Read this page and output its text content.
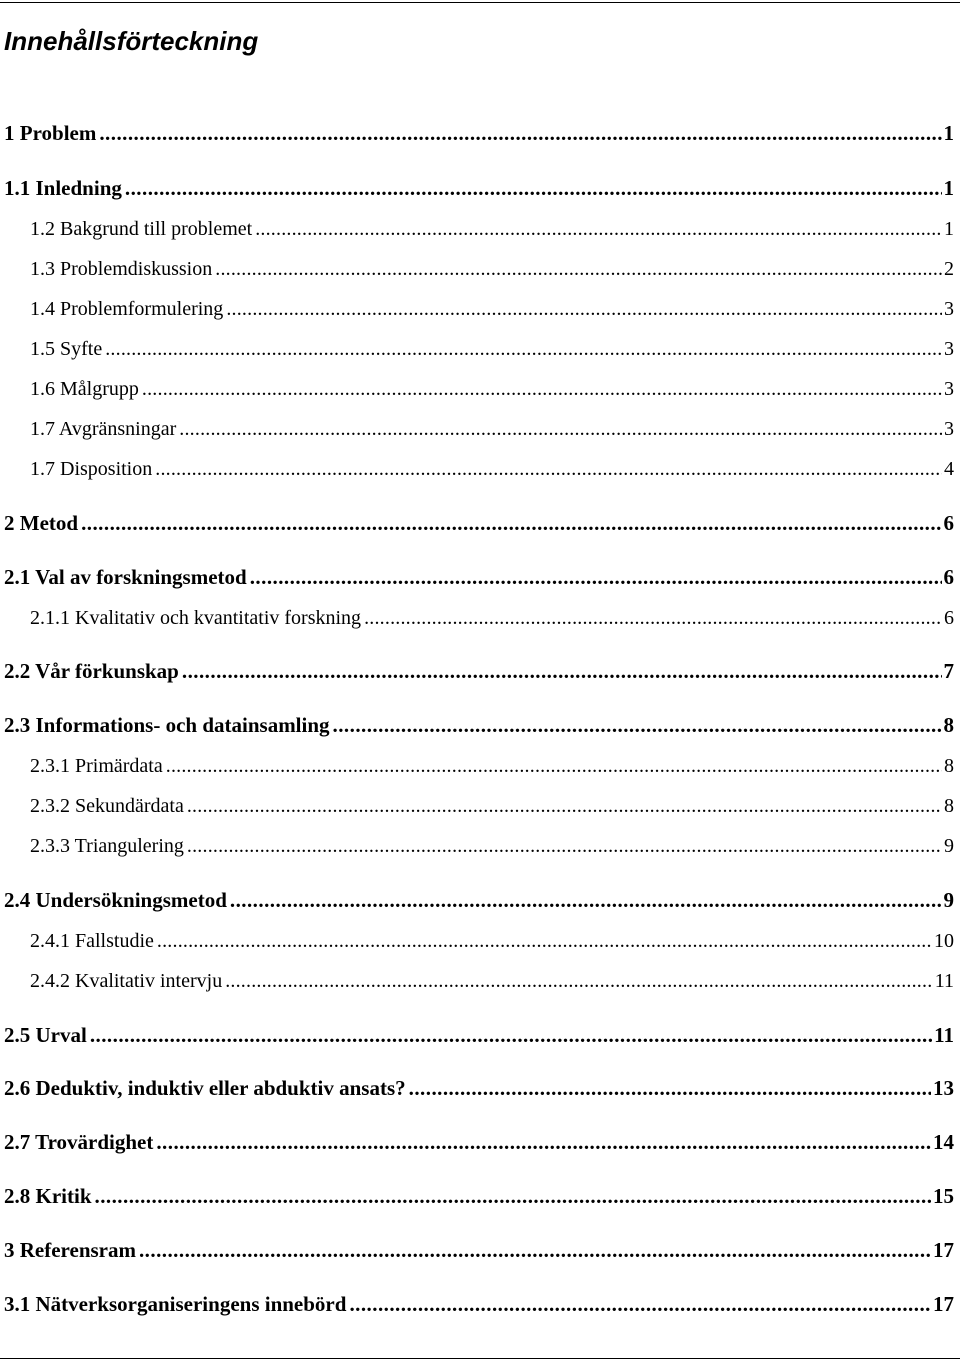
Innehållsförteckning
1 Problem . . .	1
1.1 Inledning . . .	1
1.2 Bakgrund till problemet . . .	1
1.3 Problemdiskussion . . .	2
1.4 Problemformulering . . .	3
1.5 Syfte . . .	3
1.6 Målgrupp . . .	3
1.7 Avgränsningar . . .	3
1.7 Disposition . . .	4
2 Metod . . .	6
2.1 Val av forskningsmetod . . .	6
2.1.1 Kvalitativ och kvantitativ forskning . . .	6
2.2 Vår förkunskap . . .	7
2.3 Informations- och datainsamling . . .	8
2.3.1 Primärdata . . .	8
2.3.2 Sekundärdata . . .	8
2.3.3 Triangulering . . .	9
2.4 Undersökningsmetod . . .	9
2.4.1 Fallstudie . . .	10
2.4.2 Kvalitativ intervju . . .	11
2.5 Urval . . .	11
2.6 Deduktiv, induktiv eller abduktiv ansats? . . .	13
2.7 Trovärdighet . . .	14
2.8 Kritik . . .	15
3 Referensram . . .	17
3.1 Nätverksorganiseringens innebörd . . .	17
